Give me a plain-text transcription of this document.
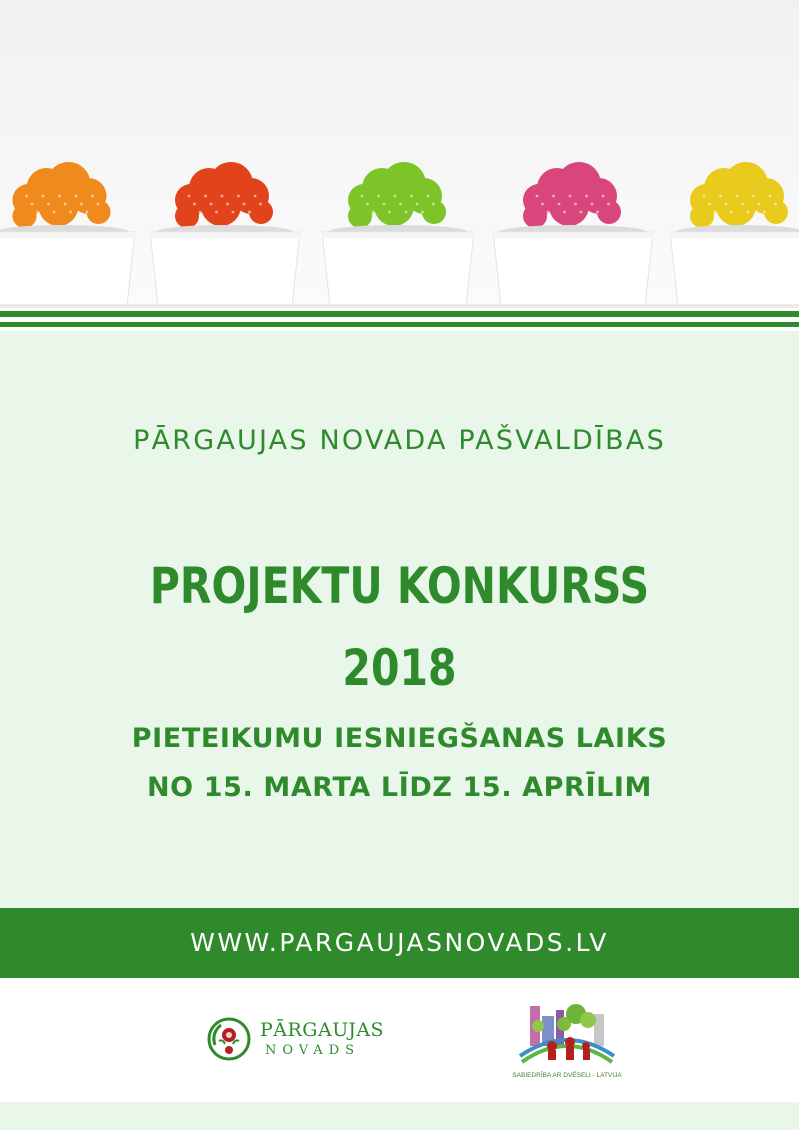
PĀRGAUJAS NOVADA PAŠVALDĪBAS
PROJEKTU KONKURSS
2018
PIETEIKUMU IESNIEGŠANAS LAIKS
NO 15. MARTA LĪDZ 15. APRĪLIM
WWW.PARGAUJASNOVADS.LV
PĀRGAUJAS
NOVADS
SABIEDRĪBA AR DVĒSELI - LATVIJA
